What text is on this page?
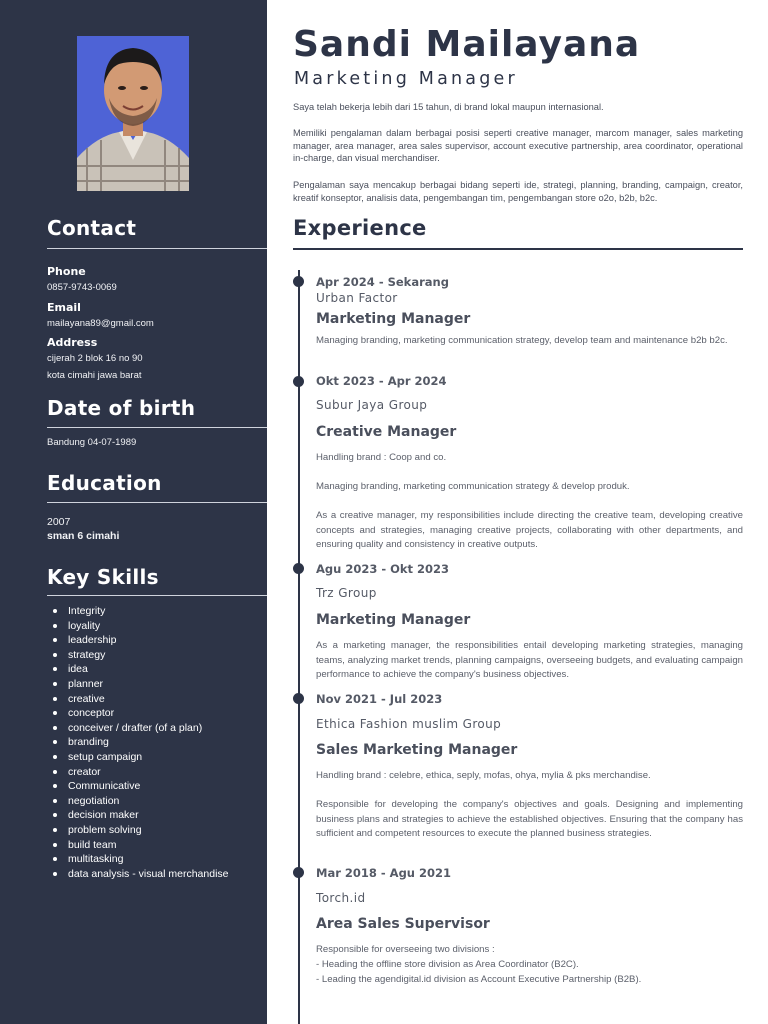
Contact
Phone
0857-9743-0069
Email
mailayana89@gmail.com
Address
cijerah 2 blok 16 no 90
kota cimahi jawa barat
Date of birth
Bandung 04-07-1989
Education
2007
sman 6 cimahi
Key Skills
Integrity
loyality
leadership
strategy
idea
planner
creative
conceptor
conceiver / drafter (of a plan)
branding
setup campaign
creator
Communicative
negotiation
decision maker
problem solving
build team
multitasking
data analysis - visual merchandise
Sandi Mailayana
Marketing Manager

Saya telah bekerja lebih dari 15 tahun, di brand lokal maupun internasional.

Memiliki pengalaman dalam berbagai posisi seperti creative manager, marcom manager, sales marketing manager, area manager, area sales supervisor, account executive partnership, area coordinator, operational in-charge, dan visual merchandiser.

Pengalaman saya mencakup berbagai bidang seperti ide, strategi, planning, branding, campaign, creator, kreatif konseptor, analisis data, pengembangan tim, pengembangan store o2o, b2b, b2c.

Experience
Apr 2024 - Sekarang
Urban Factor
Marketing Manager

Managing branding, marketing communication strategy, develop team and maintenance b2b b2c.

Okt 2023 - Apr 2024
Subur Jaya Group
Creative Manager

Handling brand : Coop and co.

Managing branding, marketing communication strategy & develop produk.

As a creative manager, my responsibilities include directing the creative team, developing creative concepts and strategies, managing creative projects, collaborating with other departments, and ensuring quality and consistency in creative outputs.

Agu 2023 - Okt 2023
Trz Group
Marketing Manager

As a marketing manager, the responsibilities entail developing marketing strategies, managing teams, analyzing market trends, planning campaigns, overseeing budgets, and evaluating campaign performance to achieve the company's business objectives.

Nov 2021 - Jul 2023
Ethica Fashion muslim Group
Sales Marketing Manager

Handling brand : celebre, ethica, seply, mofas, ohya, mylia & pks merchandise.

Responsible for developing the company's objectives and goals. Designing and implementing business plans and strategies to achieve the established objectives. Ensuring that the company has sufficient and competent resources to execute the planned business strategies.

Mar 2018 - Agu 2021
Torch.id
Area Sales Supervisor

Responsible for overseeing two divisions :

- Heading the offline store division as Area Coordinator (B2C).

- Leading the agendigital.id division as Account Executive Partnership (B2B).
